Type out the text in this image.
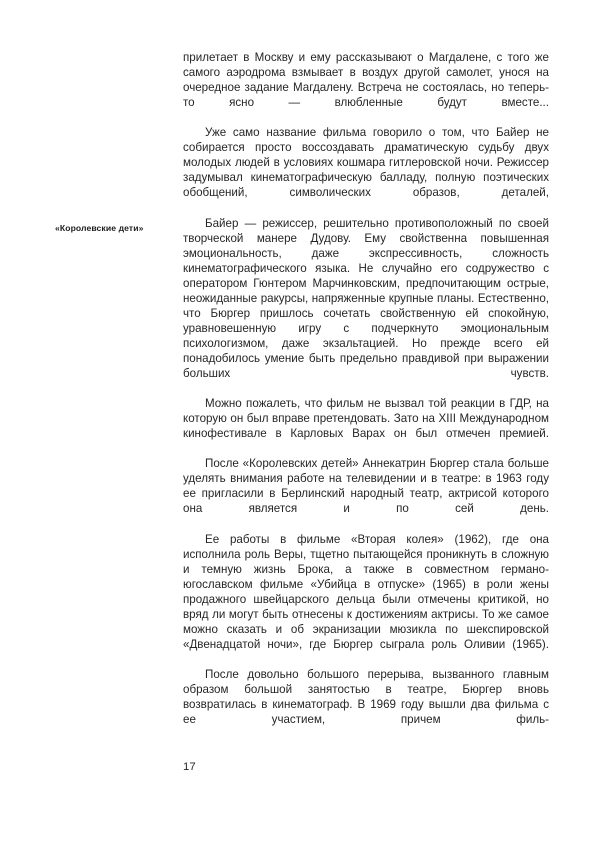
«Королевские дети»

прилетает в Москву и ему рассказывают о Магдалене, с того же самого аэродрома взмывает в воздух другой самолет, унося на очередное задание Магдалену. Встреча не состоялась, но теперь-то ясно — влюбленные будут вместе...

Уже само название фильма говорило о том, что Байер не собирается просто воссоздавать драматическую судьбу двух молодых людей в условиях кошмара гитлеровской ночи. Режиссер задумывал кинематографическую балладу, полную поэтических обобщений, символических образов, деталей,

Байер — режиссер, решительно противоположный по своей творческой манере Дудову. Ему свойственна повышенная эмоциональность, даже экспрессивность, сложность кинематографического языка. Не случайно его содружество с оператором Гюнтером Марчинковским, предпочитающим острые, неожиданные ракурсы, напряженные крупные планы. Естественно, что Бюргер пришлось сочетать свойственную ей спокойную, уравновешенную игру с подчеркнуто эмоциональным психологизмом, даже экзальтацией. Но прежде всего ей понадобилось умение быть предельно правдивой при выражении больших чувств.

Можно пожалеть, что фильм не вызвал той реакции в ГДР, на которую он был вправе претендовать. Зато на XIII Международном кинофестивале в Карловых Варах он был отмечен премией.

После «Королевских детей» Аннекатрин Бюргер стала больше уделять внимания работе на телевидении и в театре: в 1963 году ее пригласили в Берлинский народный театр, актрисой которого она является и по сей день.

Ее работы в фильме «Вторая колея» (1962), где она исполнила роль Веры, тщетно пытающейся проникнуть в сложную и темную жизнь Брока, а также в совместном германо-югославском фильме «Убийца в отпуске» (1965) в роли жены продажного швейцарского дельца были отмечены критикой, но вряд ли могут быть отнесены к достижениям актрисы. То же самое можно сказать и об экранизации мюзикла по шекспировской «Двенадцатой ночи», где Бюргер сыграла роль Оливии (1965).

После довольно большого перерыва, вызванного главным образом большой занятостью в театре, Бюргер вновь возвратилась в кинематограф. В 1969 году вышли два фильма с ее участием, причем филь-

17
